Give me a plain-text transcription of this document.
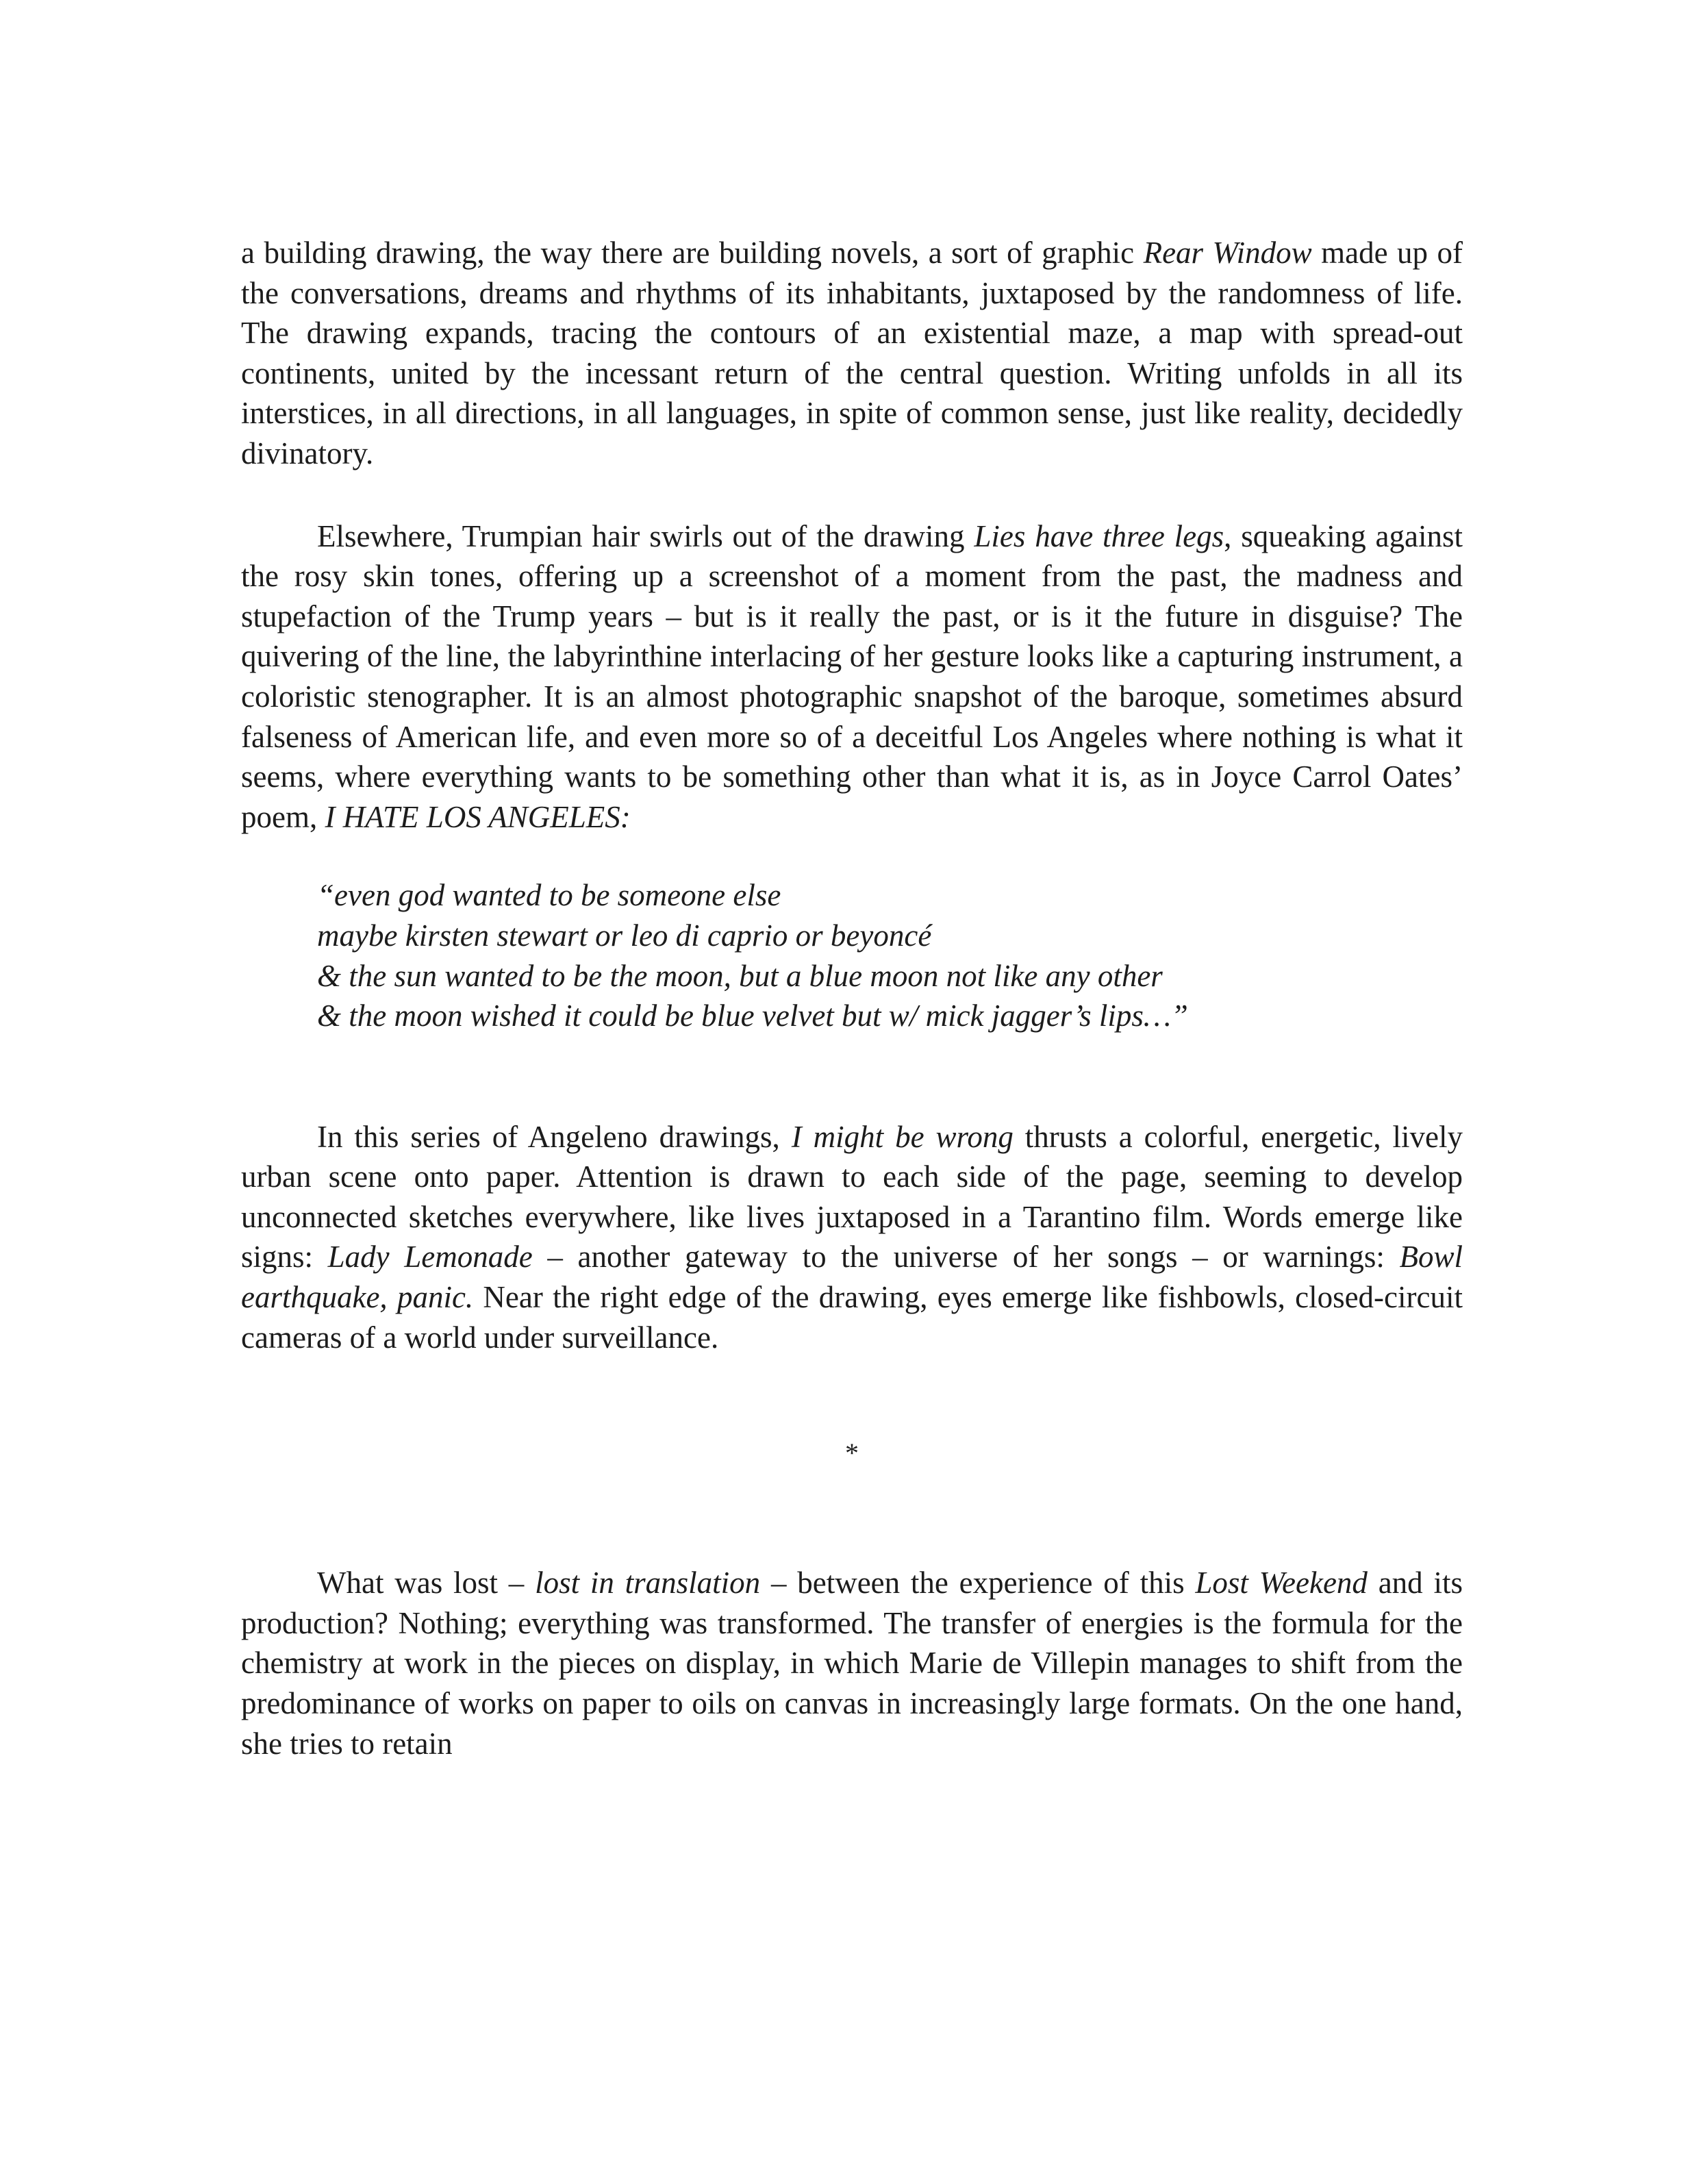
a building drawing, the way there are building novels, a sort of graphic Rear Window made up of the conversations, dreams and rhythms of its inhabitants, juxtaposed by the randomness of life. The drawing expands, tracing the contours of an existential maze, a map with spread-out continents, united by the incessant return of the central question. Writing unfolds in all its interstices, in all directions, in all languages, in spite of common sense, just like reality, decidedly divinatory.

Elsewhere, Trumpian hair swirls out of the drawing Lies have three legs, squeaking against the rosy skin tones, offering up a screenshot of a moment from the past, the madness and stupefaction of the Trump years – but is it really the past, or is it the future in disguise? The quivering of the line, the labyrinthine interlacing of her gesture looks like a capturing instrument, a coloristic stenographer. It is an almost photographic snapshot of the baroque, sometimes absurd falseness of American life, and even more so of a deceitful Los Angeles where nothing is what it seems, where everything wants to be something other than what it is, as in Joyce Carrol Oates’ poem, I HATE LOS ANGELES:

“even god wanted to be someone else
maybe kirsten stewart or leo di caprio or beyoncé
& the sun wanted to be the moon, but a blue moon not like any other
& the moon wished it could be blue velvet but w/ mick jagger’s lips…”

In this series of Angeleno drawings, I might be wrong thrusts a colorful, energetic, lively urban scene onto paper. Attention is drawn to each side of the page, seeming to develop unconnected sketches everywhere, like lives juxtaposed in a Tarantino film. Words emerge like signs: Lady Lemonade – another gateway to the universe of her songs – or warnings: Bowl earthquake, panic. Near the right edge of the drawing, eyes emerge like fishbowls, closed-circuit cameras of a world under surveillance.

*

What was lost – lost in translation – between the experience of this Lost Weekend and its production? Nothing; everything was transformed. The transfer of energies is the formula for the chemistry at work in the pieces on display, in which Marie de Villepin manages to shift from the predominance of works on paper to oils on canvas in increasingly large formats. On the one hand, she tries to retain
